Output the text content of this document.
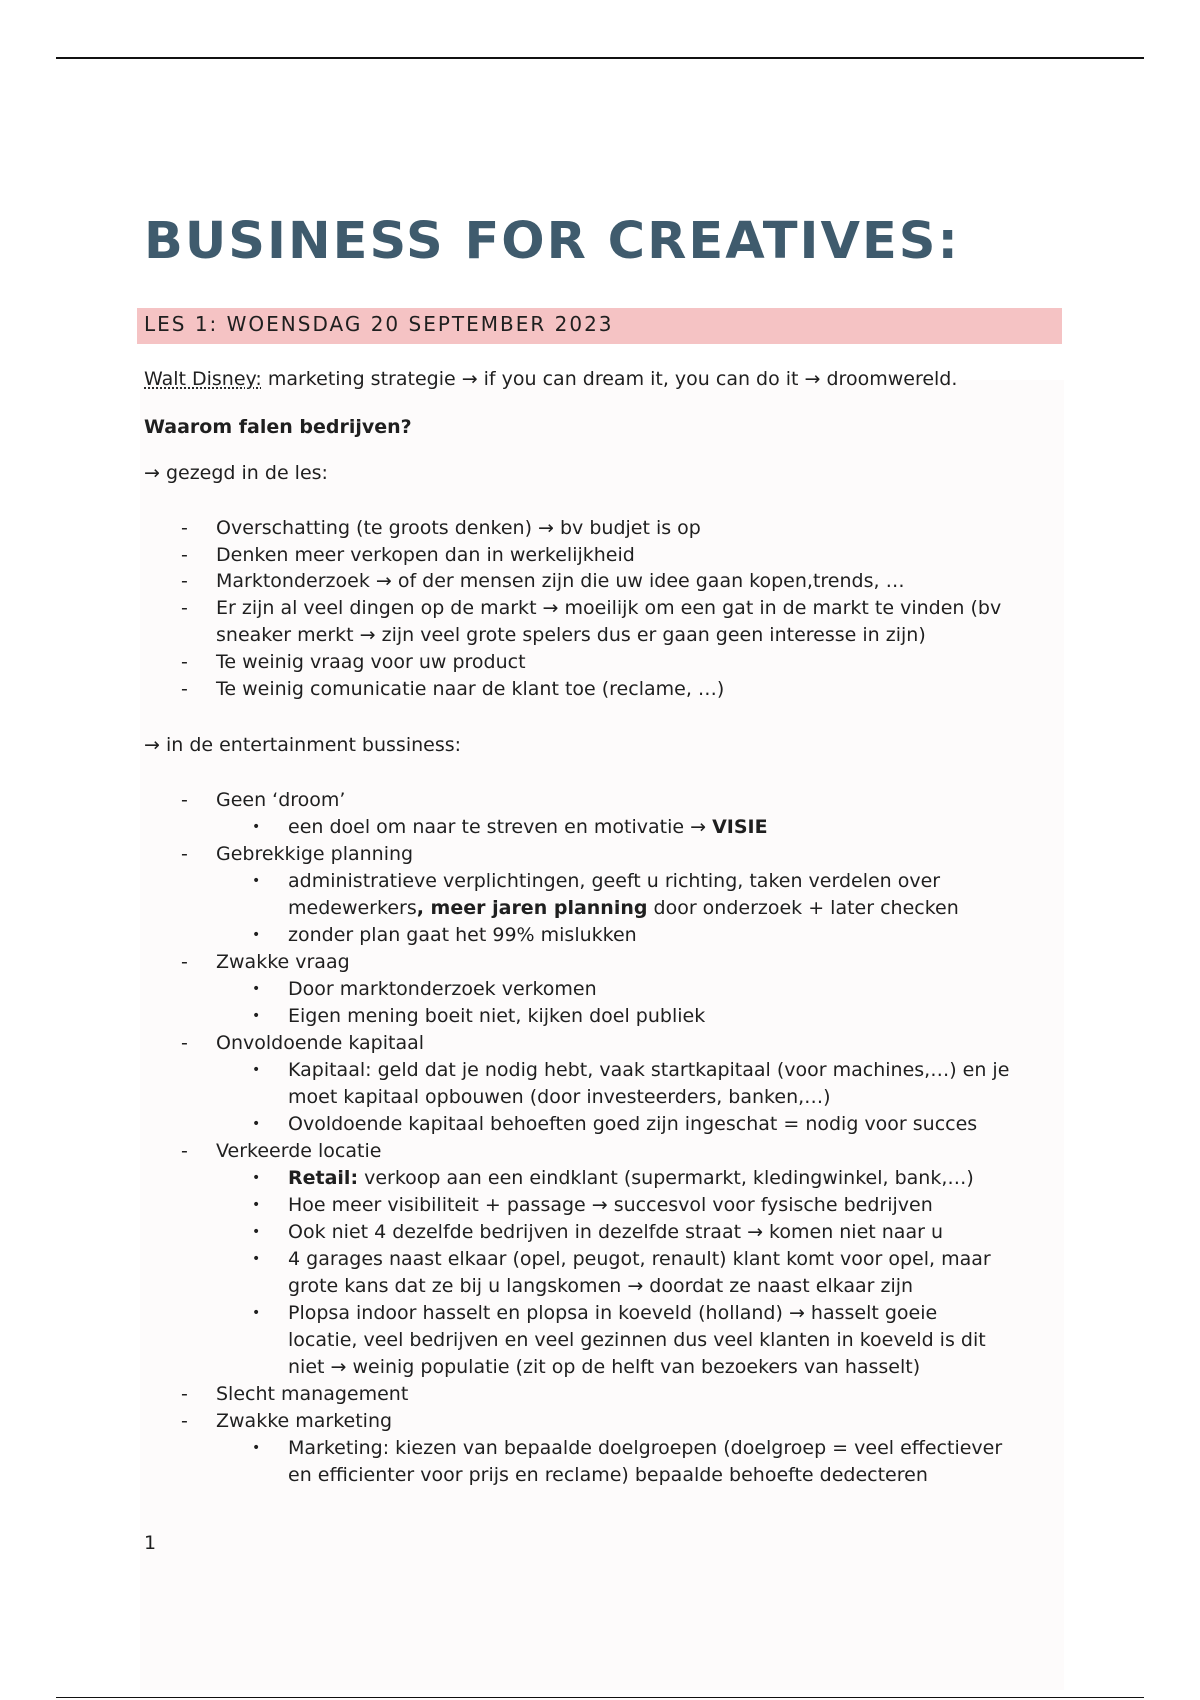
BUSINESS FOR CREATIVES:
LES 1: WOENSDAG 20 SEPTEMBER 2023
Walt Disney: marketing strategie → if you can dream it, you can do it → droomwereld.
Waarom falen bedrijven?
→ gezegd in de les:
- Overschatting (te groots denken) → bv budjet is op
- Denken meer verkopen dan in werkelijkheid
- Marktonderzoek → of der mensen zijn die uw idee gaan kopen,trends, …
- Er zijn al veel dingen op de markt → moeilijk om een gat in de markt te vinden (bv
sneaker merkt → zijn veel grote spelers dus er gaan geen interesse in zijn)
- Te weinig vraag voor uw product
- Te weinig comunicatie naar de klant toe (reclame, …)
→ in de entertainment bussiness:
- Geen ‘droom’
• een doel om naar te streven en motivatie → VISIE
- Gebrekkige planning
• administratieve verplichtingen, geeft u richting, taken verdelen over
medewerkers, meer jaren planning door onderzoek + later checken
• zonder plan gaat het 99% mislukken
- Zwakke vraag
• Door marktonderzoek verkomen
• Eigen mening boeit niet, kijken doel publiek
- Onvoldoende kapitaal
• Kapitaal: geld dat je nodig hebt, vaak startkapitaal (voor machines,…) en je
moet kapitaal opbouwen (door investeerders, banken,…)
• Ovoldoende kapitaal behoeften goed zijn ingeschat = nodig voor succes
- Verkeerde locatie
• Retail: verkoop aan een eindklant (supermarkt, kledingwinkel, bank,…)
• Hoe meer visibiliteit + passage → succesvol voor fysische bedrijven
• Ook niet 4 dezelfde bedrijven in dezelfde straat → komen niet naar u
• 4 garages naast elkaar (opel, peugot, renault) klant komt voor opel, maar
grote kans dat ze bij u langskomen → doordat ze naast elkaar zijn
• Plopsa indoor hasselt en plopsa in koeveld (holland) → hasselt goeie
locatie, veel bedrijven en veel gezinnen dus veel klanten in koeveld is dit
niet → weinig populatie (zit op de helft van bezoekers van hasselt)
- Slecht management
- Zwakke marketing
• Marketing: kiezen van bepaalde doelgroepen (doelgroep = veel effectiever
en efficienter voor prijs en reclame) bepaalde behoefte dedecteren
1
